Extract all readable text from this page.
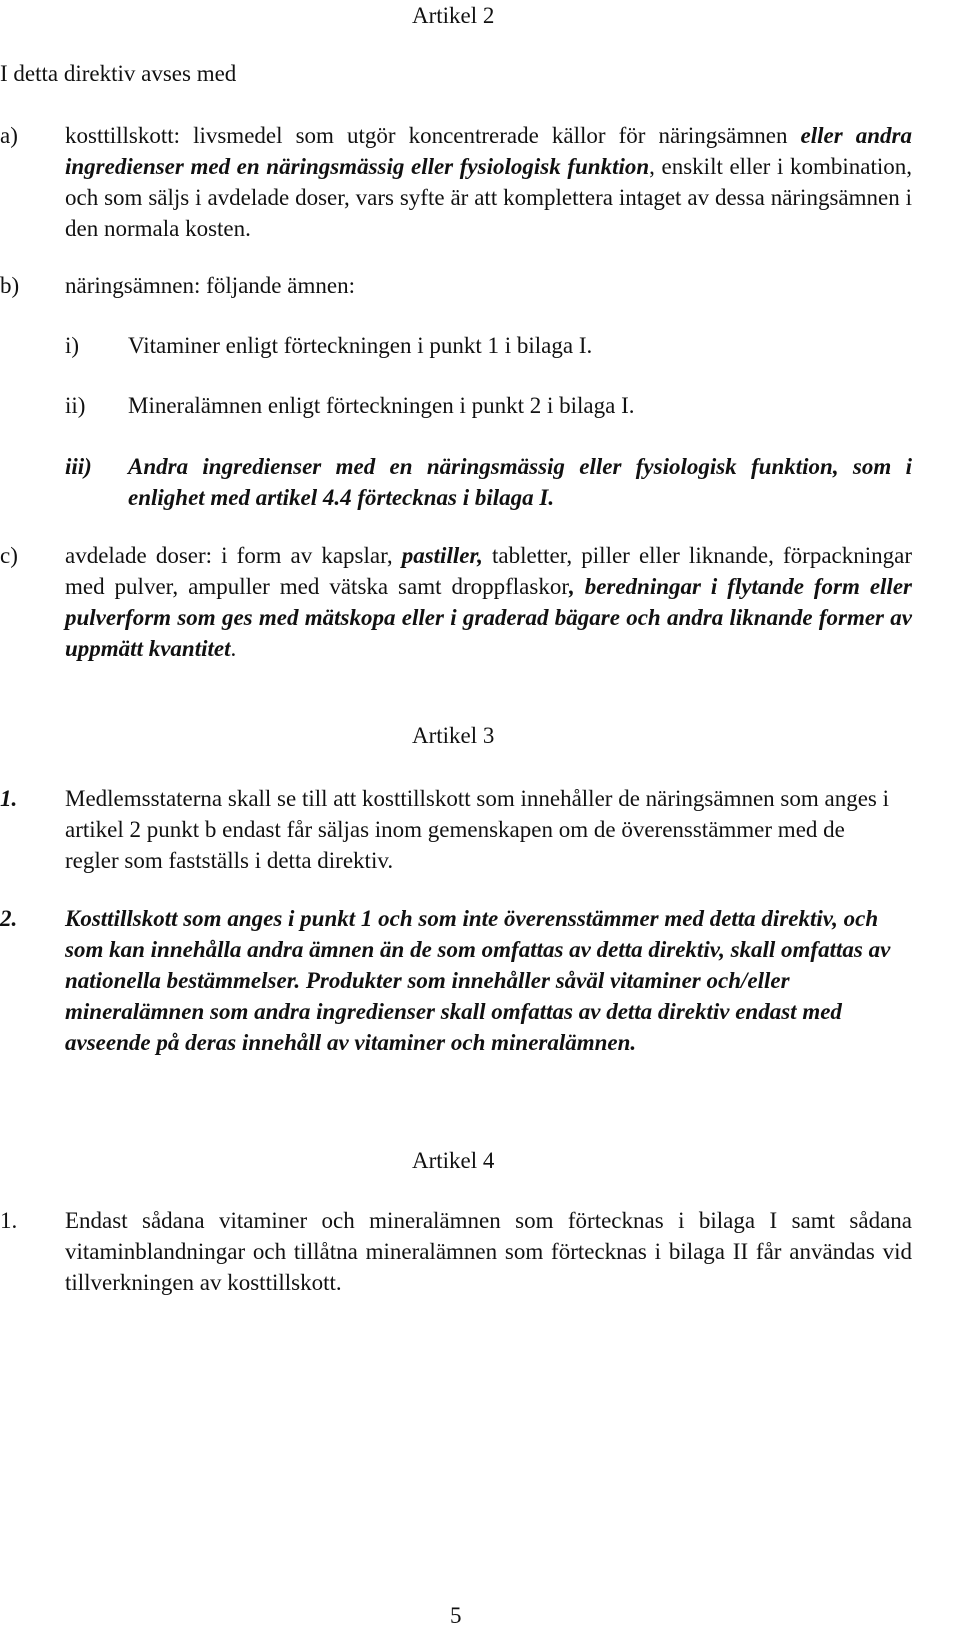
Artikel 2

I detta direktiv avses med

a) kosttillskott: livsmedel som utgör koncentrerade källor för näringsämnen eller andra ingredienser med en näringsmässig eller fysiologisk funktion, enskilt eller i kombination, och som säljs i avdelade doser, vars syfte är att komplettera intaget av dessa näringsämnen i den normala kosten.

b) näringsämnen: följande ämnen:

i) Vitaminer enligt förteckningen i punkt 1 i bilaga I.

ii) Mineralämnen enligt förteckningen i punkt 2 i bilaga I.

iii) Andra ingredienser med en näringsmässig eller fysiologisk funktion, som i enlighet med artikel 4.4 förtecknas i bilaga I.

c) avdelade doser: i form av kapslar, pastiller, tabletter, piller eller liknande, förpackningar med pulver, ampuller med vätska samt droppflaskor, beredningar i flytande form eller pulverform som ges med mätskopa eller i graderad bägare och andra liknande former av uppmätt kvantitet.

Artikel 3

1. Medlemsstaterna skall se till att kosttillskott som innehåller de näringsämnen som anges i artikel 2 punkt b endast får säljas inom gemenskapen om de överensstämmer med de regler som fastställs i detta direktiv.

2. Kosttillskott som anges i punkt 1 och som inte överensstämmer med detta direktiv, och som kan innehålla andra ämnen än de som omfattas av detta direktiv, skall omfattas av nationella bestämmelser. Produkter som innehåller såväl vitaminer och/eller mineralämnen som andra ingredienser skall omfattas av detta direktiv endast med avseende på deras innehåll av vitaminer och mineralämnen.

Artikel 4

1. Endast sådana vitaminer och mineralämnen som förtecknas i bilaga I samt sådana vitaminblandningar och tillåtna mineralämnen som förtecknas i bilaga II får användas vid tillverkningen av kosttillskott.

5
